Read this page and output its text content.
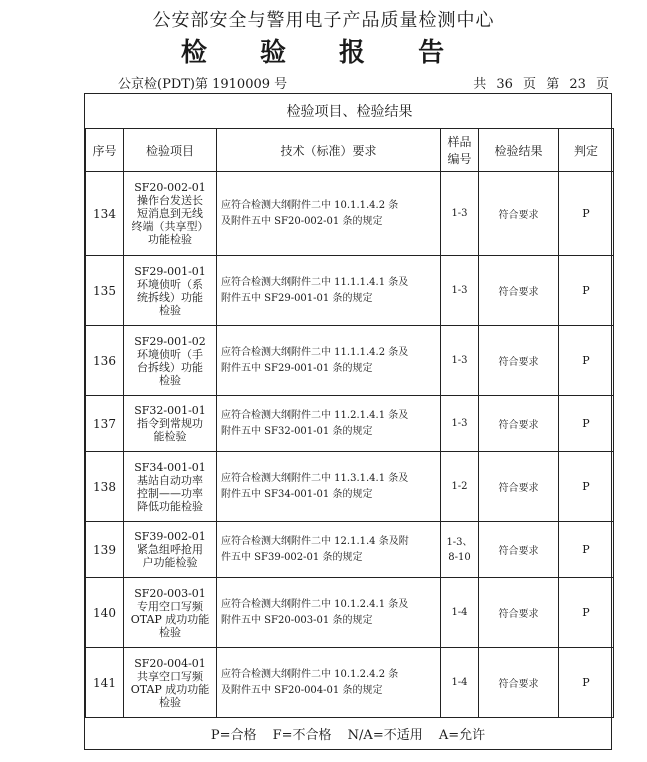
公安部安全与警用电子产品质量检测中心
检 验 报 告
公京检(PDT)第 1910009 号	共 36 页 第 23 页
检验项目、检验结果					
序号	检验项目	技术（标准）要求	样品
编号	检验结果	判定
134	SF20-002-01
操作台发送长
短消息到无线
终端（共享型）
功能检验	应符合检测大纲附件二中 10.1.1.4.2 条
及附件五中 SF20-002-01 条的规定	1-3	符合要求	P
135	SF29-001-01
环境侦听（系
统拆线）功能
检验	应符合检测大纲附件二中 11.1.1.4.1 条及
附件五中 SF29-001-01 条的规定	1-3	符合要求	P
136	SF29-001-02
环境侦听（手
台拆线）功能
检验	应符合检测大纲附件二中 11.1.1.4.2 条及
附件五中 SF29-001-01 条的规定	1-3	符合要求	P
137	SF32-001-01
指令到常规功
能检验	应符合检测大纲附件二中 11.2.1.4.1 条及
附件五中 SF32-001-01 条的规定	1-3	符合要求	P
138	SF34-001-01
基站自动功率
控制——功率
降低功能检验	应符合检测大纲附件二中 11.3.1.4.1 条及
附件五中 SF34-001-01 条的规定	1-2	符合要求	P
139	SF39-002-01
紧急组呼抢用
户功能检验	应符合检测大纲附件二中 12.1.1.4 条及附
件五中 SF39-002-01 条的规定	1-3、
8-10	符合要求	P
140	SF20-003-01
专用空口写频
OTAP 成功功能
检验	应符合检测大纲附件二中 10.1.2.4.1 条及
附件五中 SF20-003-01 条的规定	1-4	符合要求	P
141	SF20-004-01
共享空口写频
OTAP 成功功能
检验	应符合检测大纲附件二中 10.1.2.4.2 条
及附件五中 SF20-004-01 条的规定	1-4	符合要求	P
P=合格 F=不合格 N/A=不适用 A=允许
